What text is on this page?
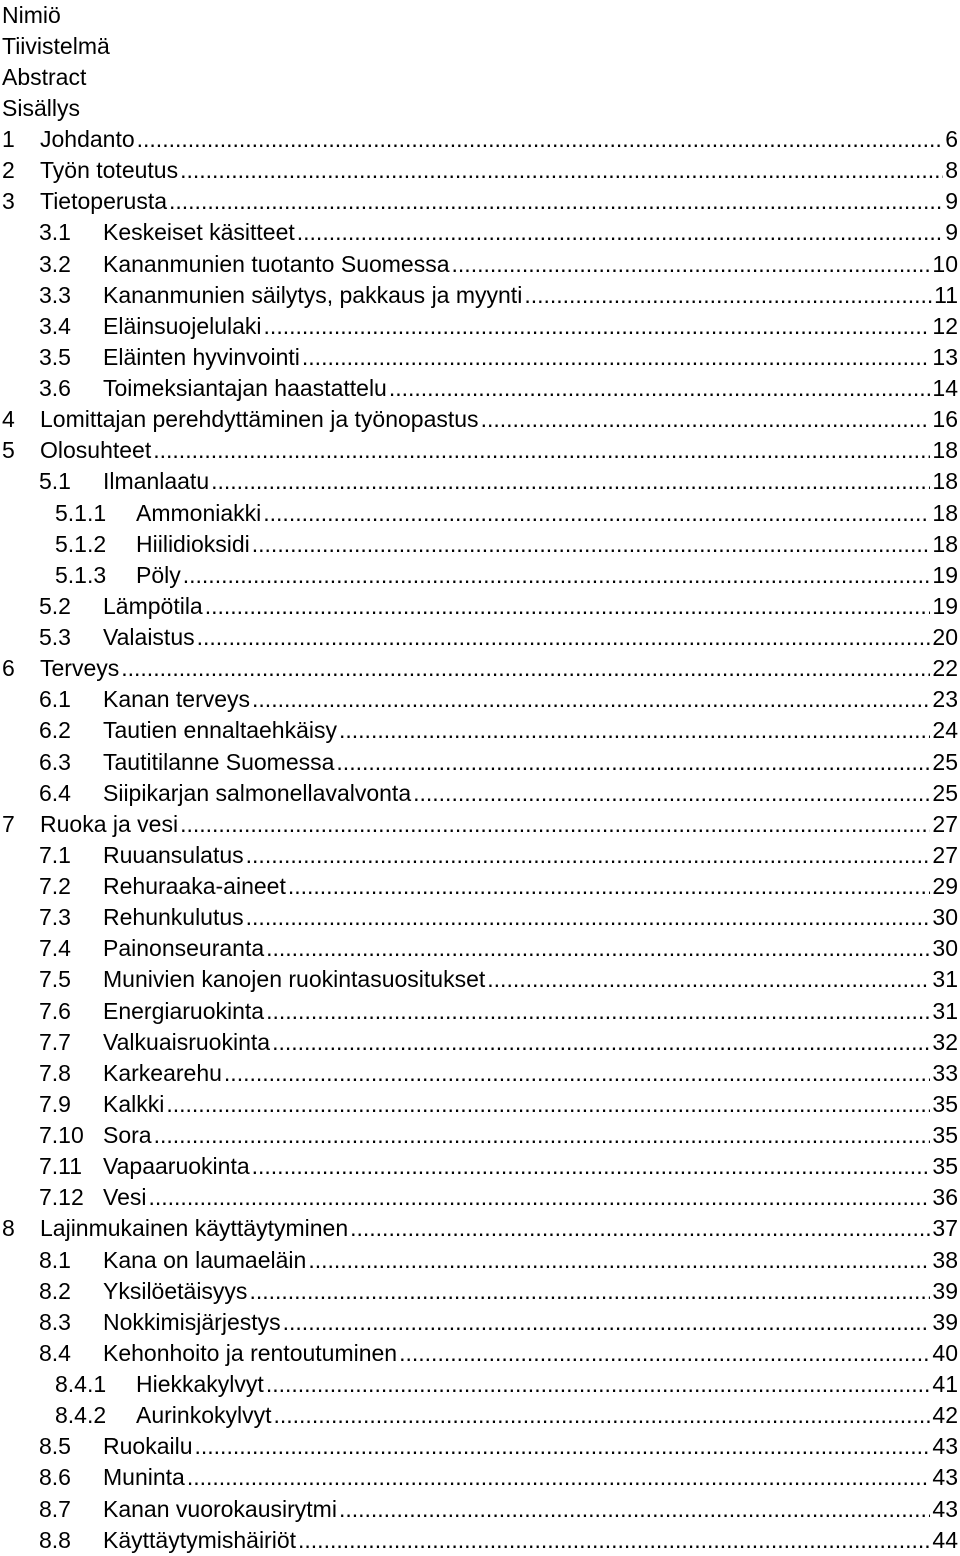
Nimiö
Tiivistelmä
Abstract
Sisällys
1 Johdanto .....	6
2 Työn toteutus .....	8
3 Tietoperusta .....	9
3.1 Keskeiset käsitteet .....	9
3.2 Kananmunien tuotanto Suomessa .....	10
3.3 Kananmunien säilytys, pakkaus ja myynti .....	11
3.4 Eläinsuojelulaki .....	12
3.5 Eläinten hyvinvointi .....	13
3.6 Toimeksiantajan haastattelu .....	14
4 Lomittajan perehdyttäminen ja työnopastus .....	16
5 Olosuhteet .....	18
5.1 Ilmanlaatu .....	18
5.1.1 Ammoniakki .....	18
5.1.2 Hiilidioksidi .....	18
5.1.3 Pöly .....	19
5.2 Lämpötila .....	19
5.3 Valaistus .....	20
6 Terveys .....	22
6.1 Kanan terveys .....	23
6.2 Tautien ennaltaehkäisy .....	24
6.3 Tautitilanne Suomessa .....	25
6.4 Siipikarjan salmonellavalvonta .....	25
7 Ruoka ja vesi .....	27
7.1 Ruuansulatus .....	27
7.2 Rehuraaka-aineet .....	29
7.3 Rehunkulutus .....	30
7.4 Painonseuranta .....	30
7.5 Munivien kanojen ruokintasuositukset .....	31
7.6 Energiaruokinta .....	31
7.7 Valkuaisruokinta .....	32
7.8 Karkearehu .....	33
7.9 Kalkki .....	35
7.10 Sora .....	35
7.11 Vapaaruokinta .....	35
7.12 Vesi .....	36
8 Lajinmukainen käyttäytyminen .....	37
8.1 Kana on laumaeläin .....	38
8.2 Yksilöetäisyys .....	39
8.3 Nokkimisjärjestys .....	39
8.4 Kehonhoito ja rentoutuminen .....	40
8.4.1 Hiekkakylvyt .....	41
8.4.2 Aurinkokylvyt .....	42
8.5 Ruokailu .....	43
8.6 Muninta .....	43
8.7 Kanan vuorokausirytmi .....	43
8.8 Käyttäytymishäiriöt .....	44
